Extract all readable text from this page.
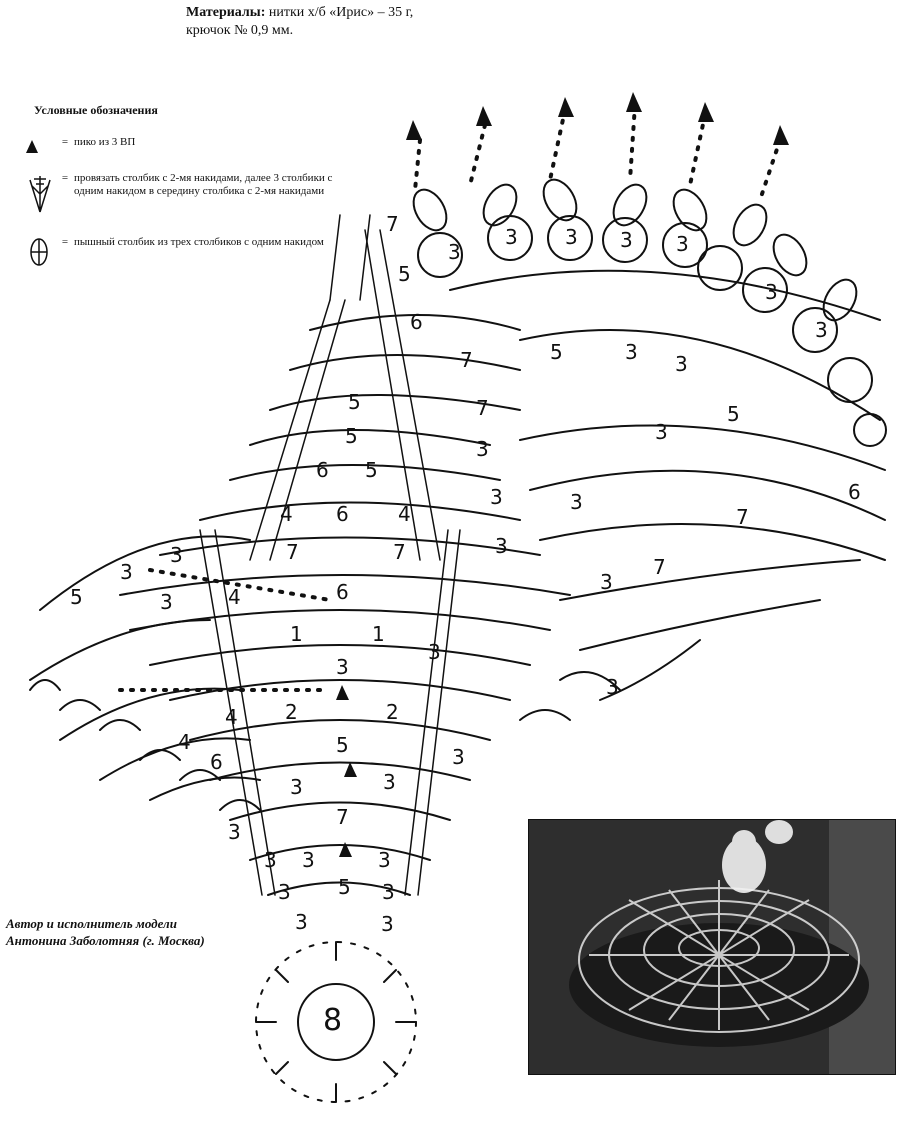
Материалы: нитки х/б «Ирис» – 35 г,
крючок № 0,9 мм.
Условные обозначения
= пико из 3 ВП
= провязать столбик с 2-мя накидами, далее 3 столбики с одним накидом в середину столбика с 2-мя накидами
= пышный столбик из трех столбиков с одним накидом
8
5
7
3
5
3
2	2
4
4
6
3
3
3
5
1	1
3	4
7
6
7
4 6 4
6 5
5
3
7
7
5
6
5
7
3
3 3 3 3
3
3
5	3 3
3
5
6
7
7
3
3
3
3
3
3 3	3
3
3
3
3
3
3
3
Автор и исполнитель модели
Антонина Заболотняя (г. Москва)
